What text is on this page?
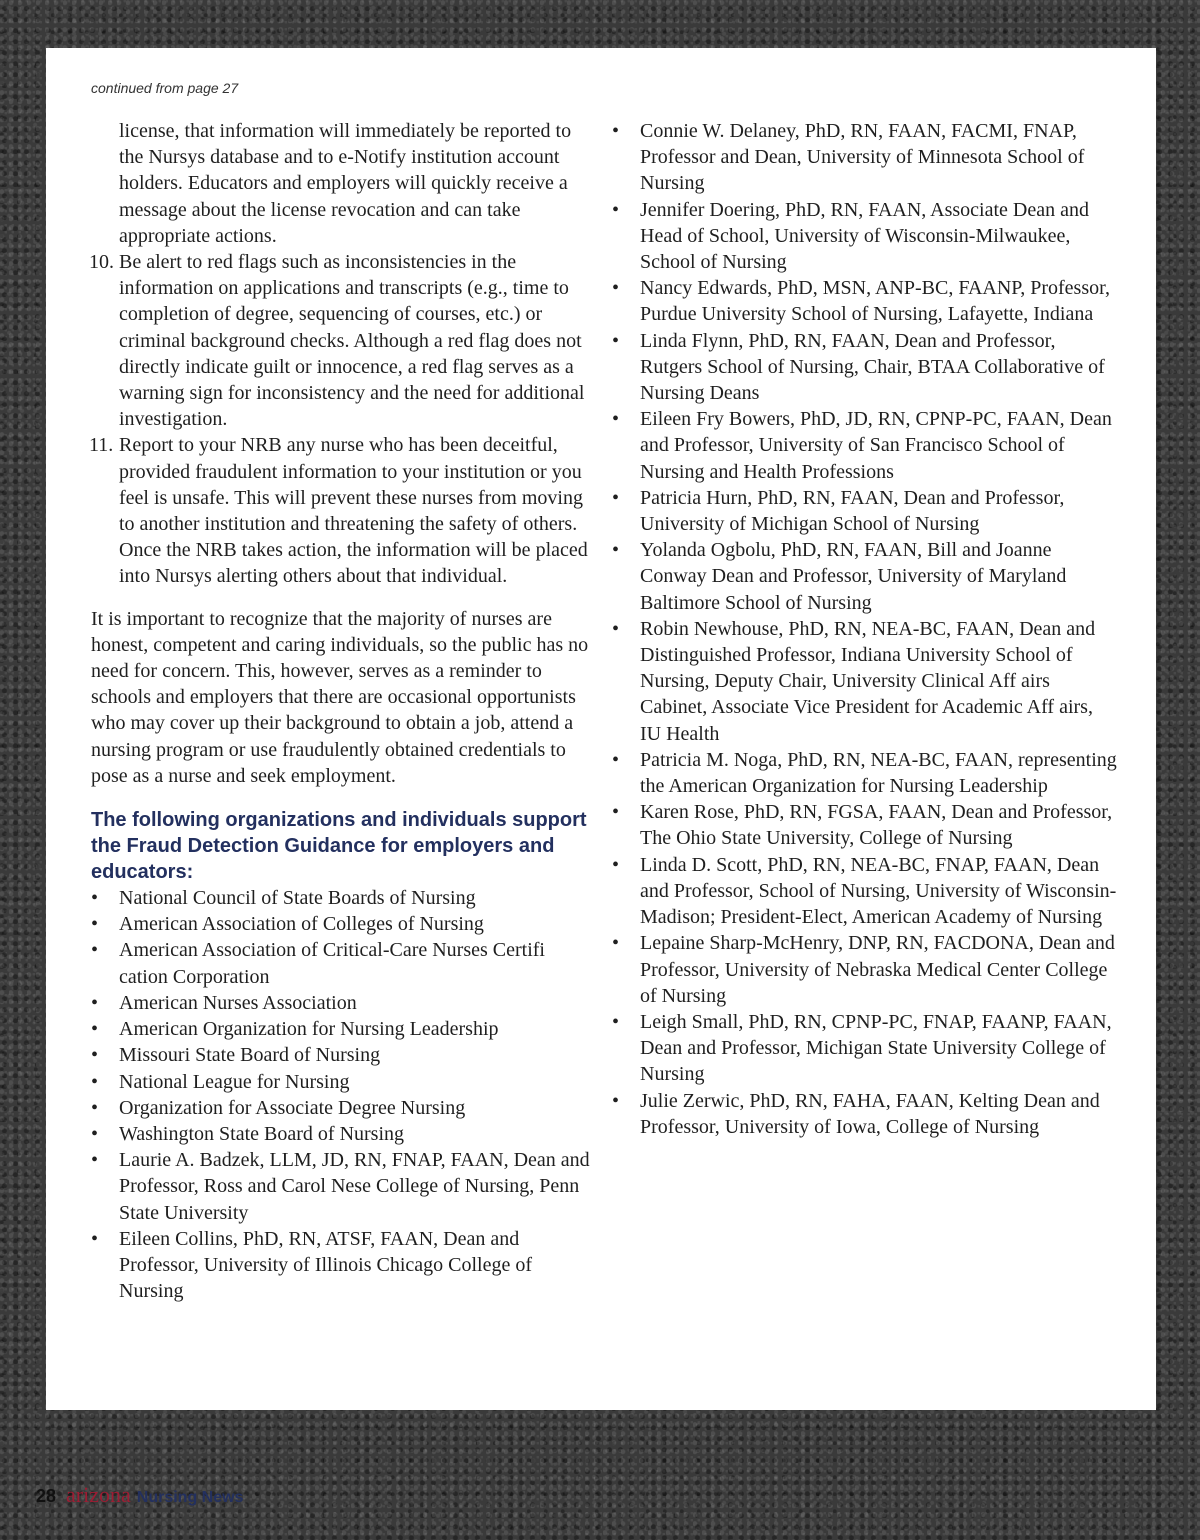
continued from page 27
license, that information will immediately be reported to the Nursys database and to e-Notify institution account holders. Educators and employers will quickly receive a message about the license revocation and can take appropriate actions.
10. Be alert to red flags such as inconsistencies in the information on applications and transcripts (e.g., time to completion of degree, sequencing of courses, etc.) or criminal background checks. Although a red flag does not directly indicate guilt or innocence, a red flag serves as a warning sign for inconsistency and the need for additional investigation.
11. Report to your NRB any nurse who has been deceitful, provided fraudulent information to your institution or you feel is unsafe. This will prevent these nurses from moving to another institution and threatening the safety of others. Once the NRB takes action, the information will be placed into Nursys alerting others about that individual.

It is important to recognize that the majority of nurses are honest, competent and caring individuals, so the public has no need for concern. This, however, serves as a reminder to schools and employers that there are occasional opportunists who may cover up their background to obtain a job, attend a nursing program or use fraudulently obtained credentials to pose as a nurse and seek employment.

The following organizations and individuals support the Fraud Detection Guidance for employers and educators:
•	National Council of State Boards of Nursing
•	American Association of Colleges of Nursing
•	American Association of Critical-Care Nurses Certifi cation Corporation
•	American Nurses Association
•	American Organization for Nursing Leadership
•	Missouri State Board of Nursing
•	National League for Nursing
•	Organization for Associate Degree Nursing
•	Washington State Board of Nursing
•	Laurie A. Badzek, LLM, JD, RN, FNAP, FAAN, Dean and Professor, Ross and Carol Nese College of Nursing, Penn State University
•	Eileen Collins, PhD, RN, ATSF, FAAN, Dean and Professor, University of Illinois Chicago College of Nursing
•	Connie W. Delaney, PhD, RN, FAAN, FACMI, FNAP, Professor and Dean, University of Minnesota School of Nursing
•	Jennifer Doering, PhD, RN, FAAN, Associate Dean and Head of School, University of Wisconsin-Milwaukee, School of Nursing
•	Nancy Edwards, PhD, MSN, ANP-BC, FAANP, Professor, Purdue University School of Nursing, Lafayette, Indiana
•	Linda Flynn, PhD, RN, FAAN, Dean and Professor, Rutgers School of Nursing, Chair, BTAA Collaborative of Nursing Deans
•	Eileen Fry Bowers, PhD, JD, RN, CPNP-PC, FAAN, Dean and Professor, University of San Francisco School of Nursing and Health Professions
•	Patricia Hurn, PhD, RN, FAAN, Dean and Professor, University of Michigan School of Nursing
•	Yolanda Ogbolu, PhD, RN, FAAN, Bill and Joanne Conway Dean and Professor, University of Maryland Baltimore School of Nursing
•	Robin Newhouse, PhD, RN, NEA-BC, FAAN, Dean and Distinguished Professor, Indiana University School of Nursing, Deputy Chair, University Clinical Aff airs Cabinet, Associate Vice President for Academic Aff airs, IU Health
•	Patricia M. Noga, PhD, RN, NEA-BC, FAAN, representing the American Organization for Nursing Leadership
•	Karen Rose, PhD, RN, FGSA, FAAN, Dean and Professor, The Ohio State University, College of Nursing
•	Linda D. Scott, PhD, RN, NEA-BC, FNAP, FAAN, Dean and Professor, School of Nursing, University of Wisconsin-Madison; President-Elect, American Academy of Nursing
•	Lepaine Sharp-McHenry, DNP, RN, FACDONA, Dean and Professor, University of Nebraska Medical Center College of Nursing
•	Leigh Small, PhD, RN, CPNP-PC, FNAP, FAANP, FAAN, Dean and Professor, Michigan State University College of Nursing
•	Julie Zerwic, PhD, RN, FAHA, FAAN, Kelting Dean and Professor, University of Iowa, College of Nursing
28 arizona Nursing News
